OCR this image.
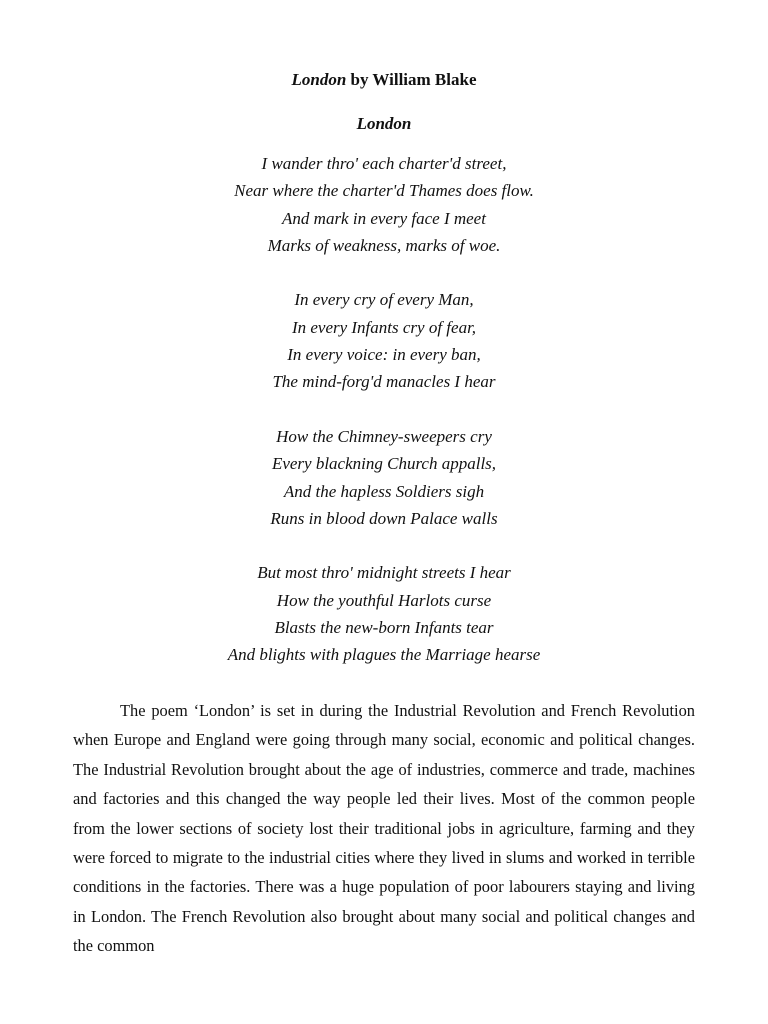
London by William Blake
London
I wander thro' each charter'd street,
Near where the charter'd Thames does flow.
And mark in every face I meet
Marks of weakness, marks of woe.
In every cry of every Man,
In every Infants cry of fear,
In every voice: in every ban,
The mind-forg'd manacles I hear
How the Chimney-sweepers cry
Every blackning Church appalls,
And the hapless Soldiers sigh
Runs in blood down Palace walls
But most thro' midnight streets I hear
How the youthful Harlots curse
Blasts the new-born Infants tear
And blights with plagues the Marriage hearse

The poem ‘London’ is set in during the Industrial Revolution and French Revolution when Europe and England were going through many social, economic and political changes. The Industrial Revolution brought about the age of industries, commerce and trade, machines and factories and this changed the way people led their lives. Most of the common people from the lower sections of society lost their traditional jobs in agriculture, farming and they were forced to migrate to the industrial cities where they lived in slums and worked in terrible conditions in the factories. There was a huge population of poor labourers staying and living in London. The French Revolution also brought about many social and political changes and the common
